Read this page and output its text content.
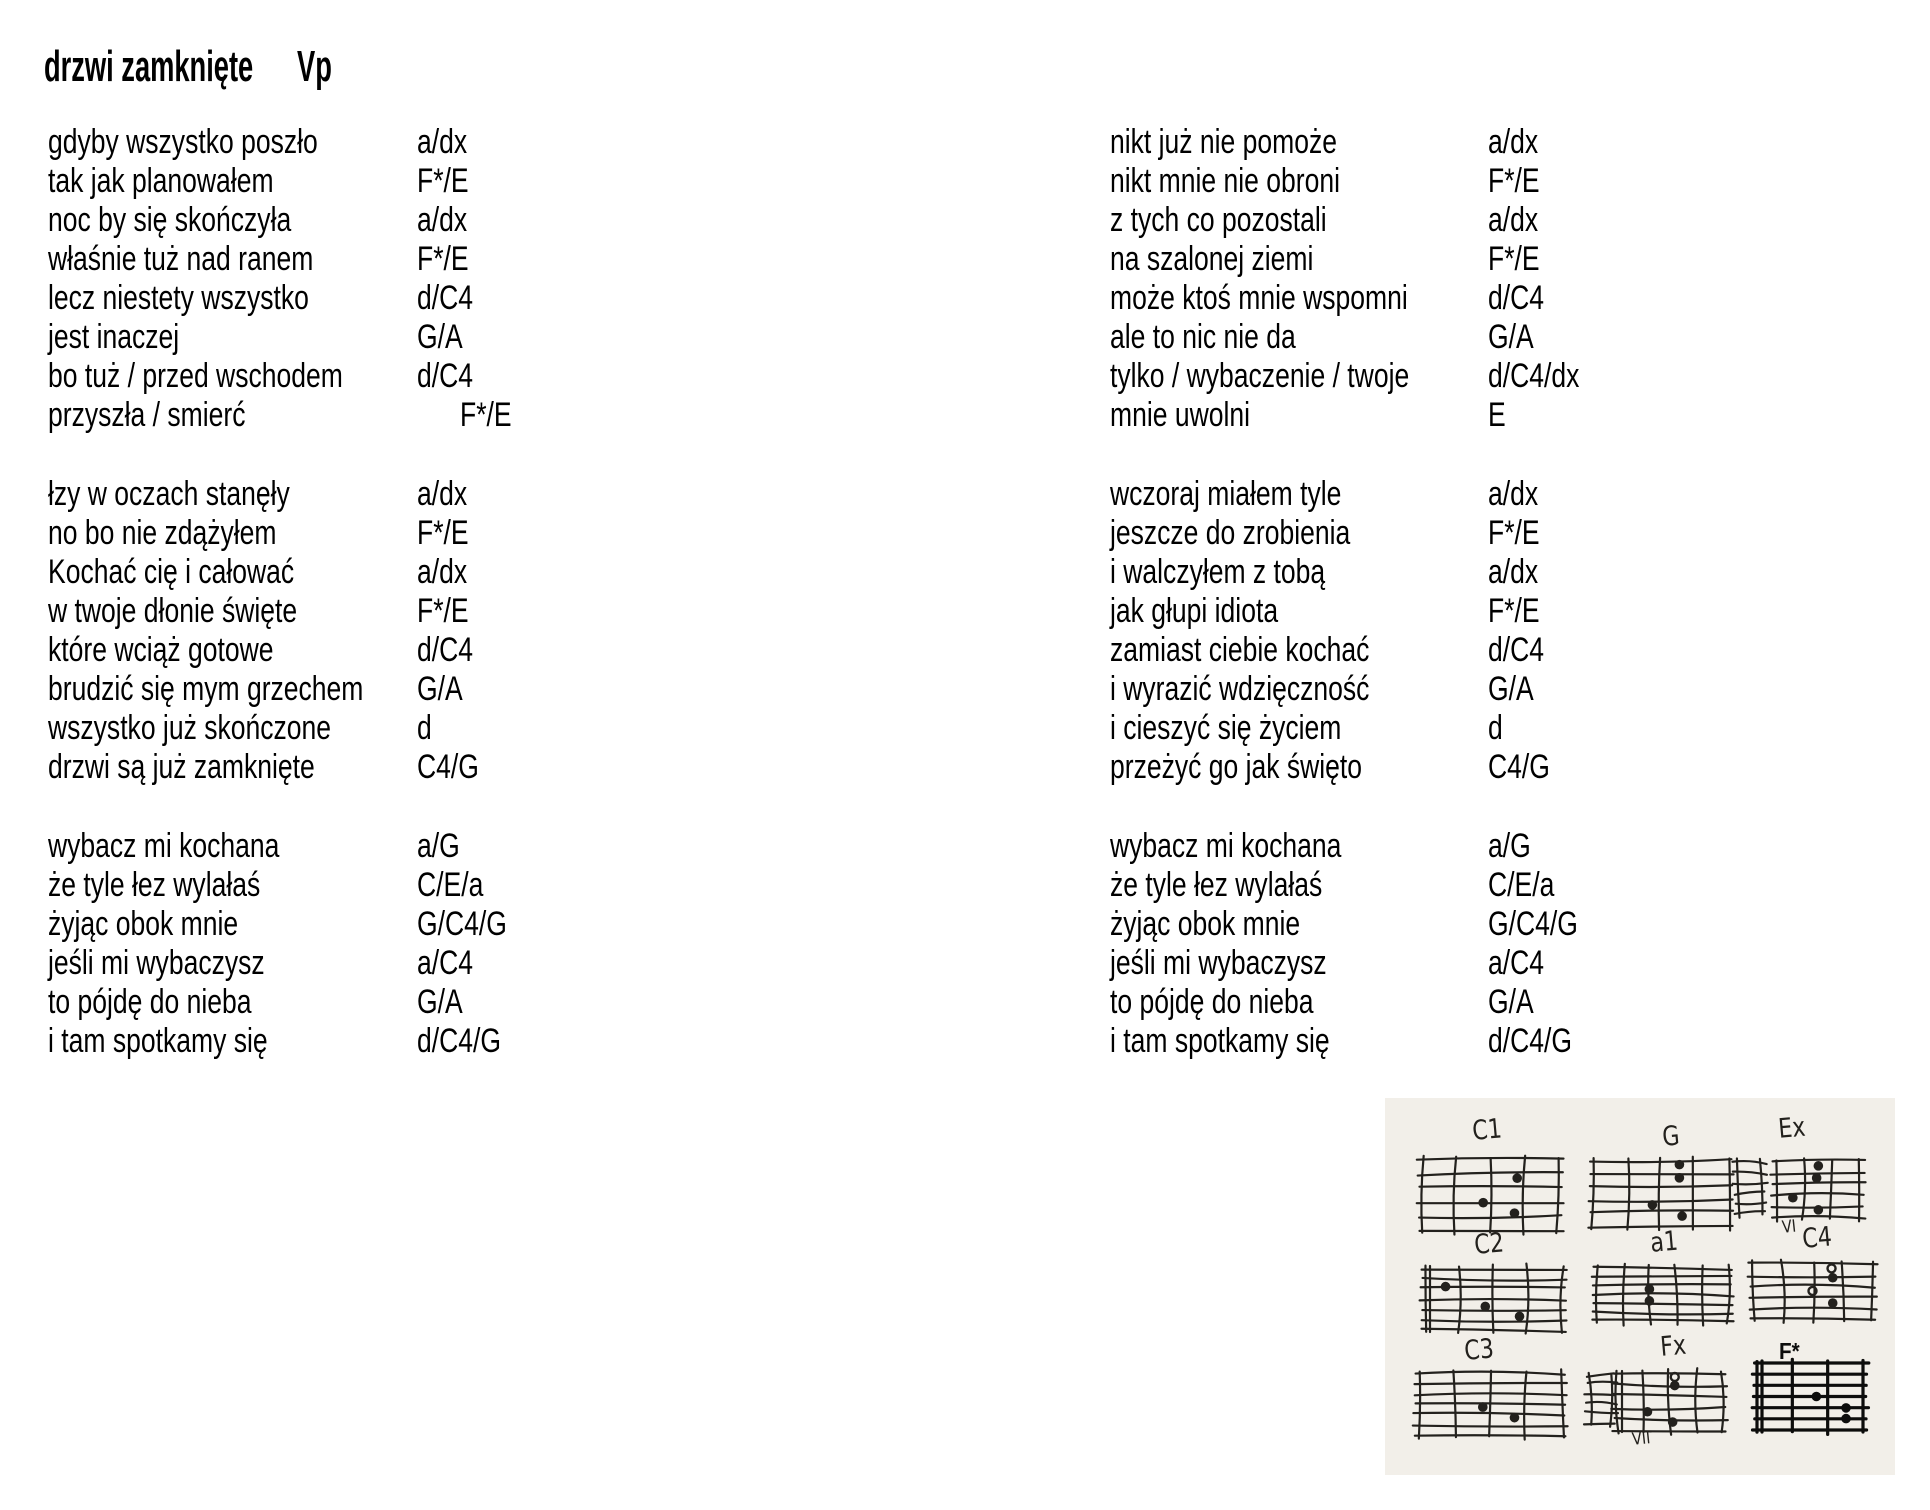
drzwi zamknięte Vp
gdyby wszystko poszło	a/dx
tak jak planowałem	F*/E
noc by się skończyła	a/dx
właśnie tuż nad ranem	F*/E
lecz niestety wszystko	d/C4
jest inaczej	G/A
bo tuż / przed wschodem	d/C4
przyszła / smierć	F*/E
łzy w oczach stanęły	a/dx
no bo nie zdążyłem	F*/E
Kochać cię i całować	a/dx
w twoje dłonie święte	F*/E
które wciąż gotowe	d/C4
brudzić się mym grzechem	G/A
wszystko już skończone	d
drzwi są już zamknięte	C4/G
wybacz mi kochana	a/G
że tyle łez wylałaś	C/E/a
żyjąc obok mnie	G/C4/G
jeśli mi wybaczysz	a/C4
to pójdę do nieba	G/A
i tam spotkamy się	d/C4/G
nikt już nie pomoże	a/dx
nikt mnie nie obroni	F*/E
z tych co pozostali	a/dx
na szalonej ziemi	F*/E
może ktoś mnie wspomni	d/C4
ale to nic nie da	G/A
tylko / wybaczenie / twoje	d/C4/dx
mnie uwolni	E
wczoraj miałem tyle	a/dx
jeszcze do zrobienia	F*/E
i walczyłem z tobą	a/dx
jak głupi idiota	F*/E
zamiast ciebie kochać	d/C4
i wyrazić wdzięczność	G/A
i cieszyć się życiem	d
przeżyć go jak święto	C4/G
wybacz mi kochana	a/G
że tyle łez wylałaś	C/E/a
żyjąc obok mnie	G/C4/G
jeśli mi wybaczysz	a/C4
to pójdę do nieba	G/A
i tam spotkamy się	d/C4/G
C1	G	Ex
VI
C2	a1	C4
C3	Fx
VII
F*
